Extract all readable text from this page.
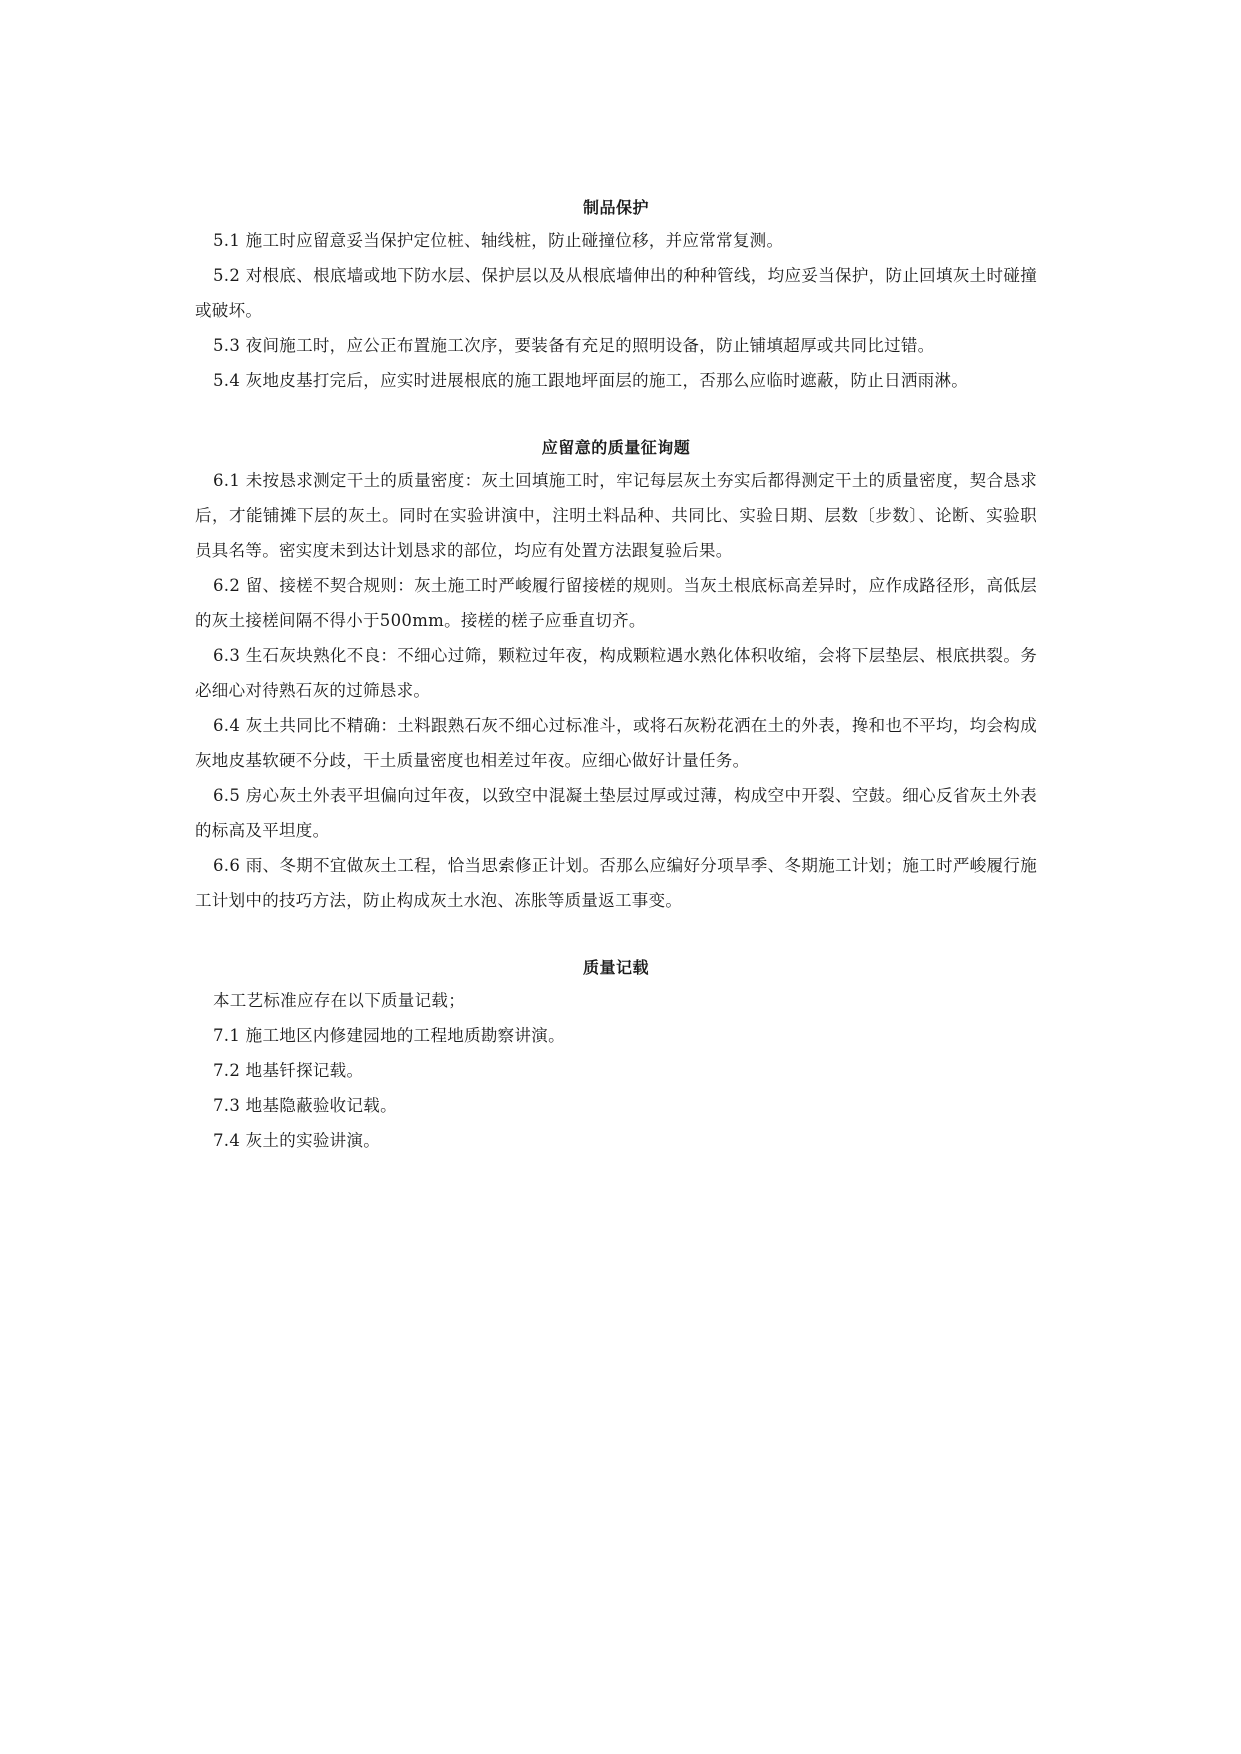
制品保护

5.1 施工时应留意妥当保护定位桩、轴线桩，防止碰撞位移，并应常常复测。

5.2 对根底、根底墙或地下防水层、保护层以及从根底墙伸出的种种管线，均应妥当保护，防止回填灰土时碰撞或破坏。

5.3 夜间施工时，应公正布置施工次序，要装备有充足的照明设备，防止铺填超厚或共同比过错。

5.4 灰地皮基打完后，应实时进展根底的施工跟地坪面层的施工，否那么应临时遮蔽，防止日洒雨淋。

应留意的质量征询题

6.1 未按恳求测定干土的质量密度：灰土回填施工时，牢记每层灰土夯实后都得测定干土的质量密度，契合恳求后，才能铺摊下层的灰土。同时在实验讲演中，注明土料品种、共同比、实验日期、层数〔步数〕、论断、实验职员具名等。密实度未到达计划恳求的部位，均应有处置方法跟复验后果。

6.2 留、接槎不契合规则：灰土施工时严峻履行留接槎的规则。当灰土根底标高差异时，应作成路径形，高低层的灰土接槎间隔不得小于500mm。接槎的槎子应垂直切齐。

6.3 生石灰块熟化不良：不细心过筛，颗粒过年夜，构成颗粒遇水熟化体积收缩，会将下层垫层、根底拱裂。务必细心对待熟石灰的过筛恳求。

6.4 灰土共同比不精确：土料跟熟石灰不细心过标准斗，或将石灰粉花洒在土的外表，搀和也不平均，均会构成灰地皮基软硬不分歧，干土质量密度也相差过年夜。应细心做好计量任务。

6.5 房心灰土外表平坦偏向过年夜，以致空中混凝土垫层过厚或过薄，构成空中开裂、空鼓。细心反省灰土外表的标高及平坦度。

6.6 雨、冬期不宜做灰土工程，恰当思索修正计划。否那么应编好分项旱季、冬期施工计划；施工时严峻履行施工计划中的技巧方法，防止构成灰土水泡、冻胀等质量返工事变。

质量记载

本工艺标准应存在以下质量记载；

7.1 施工地区内修建园地的工程地质勘察讲演。

7.2 地基钎探记载。

7.3 地基隐蔽验收记载。

7.4 灰土的实验讲演。
